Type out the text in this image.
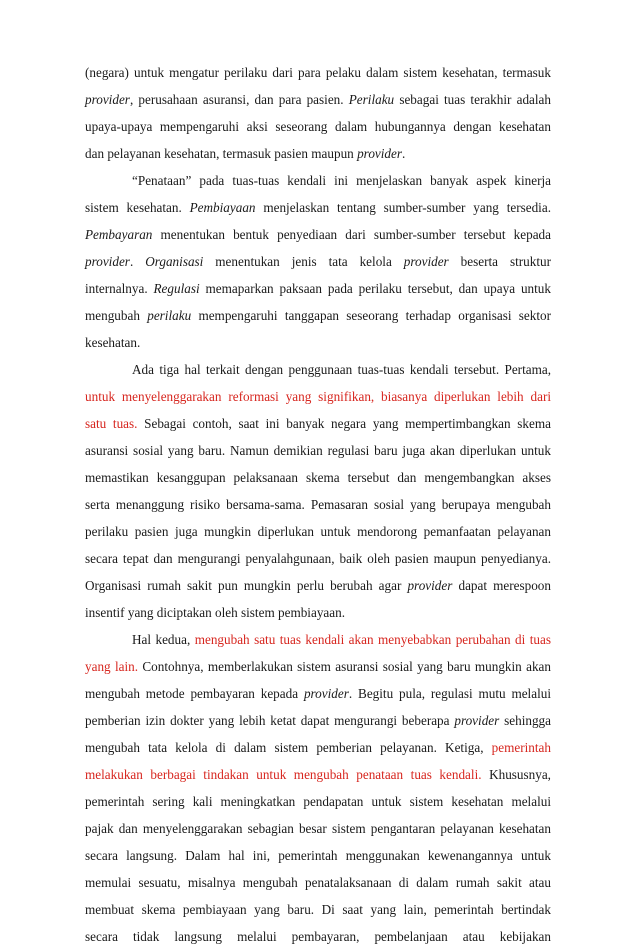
(negara) untuk mengatur perilaku dari para pelaku dalam sistem kesehatan, termasuk
provider, perusahaan asuransi, dan para pasien. Perilaku sebagai tuas terakhir adalah
upaya-upaya mempengaruhi aksi seseorang dalam hubungannya dengan kesehatan
dan pelayanan kesehatan, termasuk pasien maupun provider.
“Penataan” pada tuas-tuas kendali ini menjelaskan banyak aspek kinerja
sistem kesehatan. Pembiayaan menjelaskan tentang sumber-sumber yang tersedia.
Pembayaran menentukan bentuk penyediaan dari sumber-sumber tersebut kepada
provider. Organisasi menentukan jenis tata kelola provider beserta struktur
internalnya. Regulasi memaparkan paksaan pada perilaku tersebut, dan upaya untuk
mengubah perilaku mempengaruhi tanggapan seseorang terhadap organisasi sektor
kesehatan.
Ada tiga hal terkait dengan penggunaan tuas-tuas kendali tersebut. Pertama,
untuk menyelenggarakan reformasi yang signifikan, biasanya diperlukan lebih dari
satu tuas. Sebagai contoh, saat ini banyak negara yang mempertimbangkan skema
asuransi sosial yang baru. Namun demikian regulasi baru juga akan diperlukan untuk
memastikan kesanggupan pelaksanaan skema tersebut dan mengembangkan akses
serta menanggung risiko bersama-sama. Pemasaran sosial yang berupaya mengubah
perilaku pasien juga mungkin diperlukan untuk mendorong pemanfaatan pelayanan
secara tepat dan mengurangi penyalahgunaan, baik oleh pasien maupun penyedianya.
Organisasi rumah sakit pun mungkin perlu berubah agar provider dapat merespoon
insentif yang diciptakan oleh sistem pembiayaan.
Hal kedua, mengubah satu tuas kendali akan menyebabkan perubahan di tuas
yang lain. Contohnya, memberlakukan sistem asuransi sosial yang baru mungkin akan
mengubah metode pembayaran kepada provider. Begitu pula, regulasi mutu melalui
pemberian izin dokter yang lebih ketat dapat mengurangi beberapa provider sehingga
mengubah tata kelola di dalam sistem pemberian pelayanan. Ketiga, pemerintah
melakukan berbagai tindakan untuk mengubah penataan tuas kendali. Khususnya,
pemerintah sering kali meningkatkan pendapatan untuk sistem kesehatan melalui
pajak dan menyelenggarakan sebagian besar sistem pengantaran pelayanan kesehatan
secara langsung. Dalam hal ini, pemerintah menggunakan kewenangannya untuk
memulai sesuatu, misalnya mengubah penatalaksanaan di dalam rumah sakit atau
membuat skema pembiayaan yang baru. Di saat yang lain, pemerintah bertindak
secara tidak langsung melalui pembayaran, pembelanjaan atau kebijakan
